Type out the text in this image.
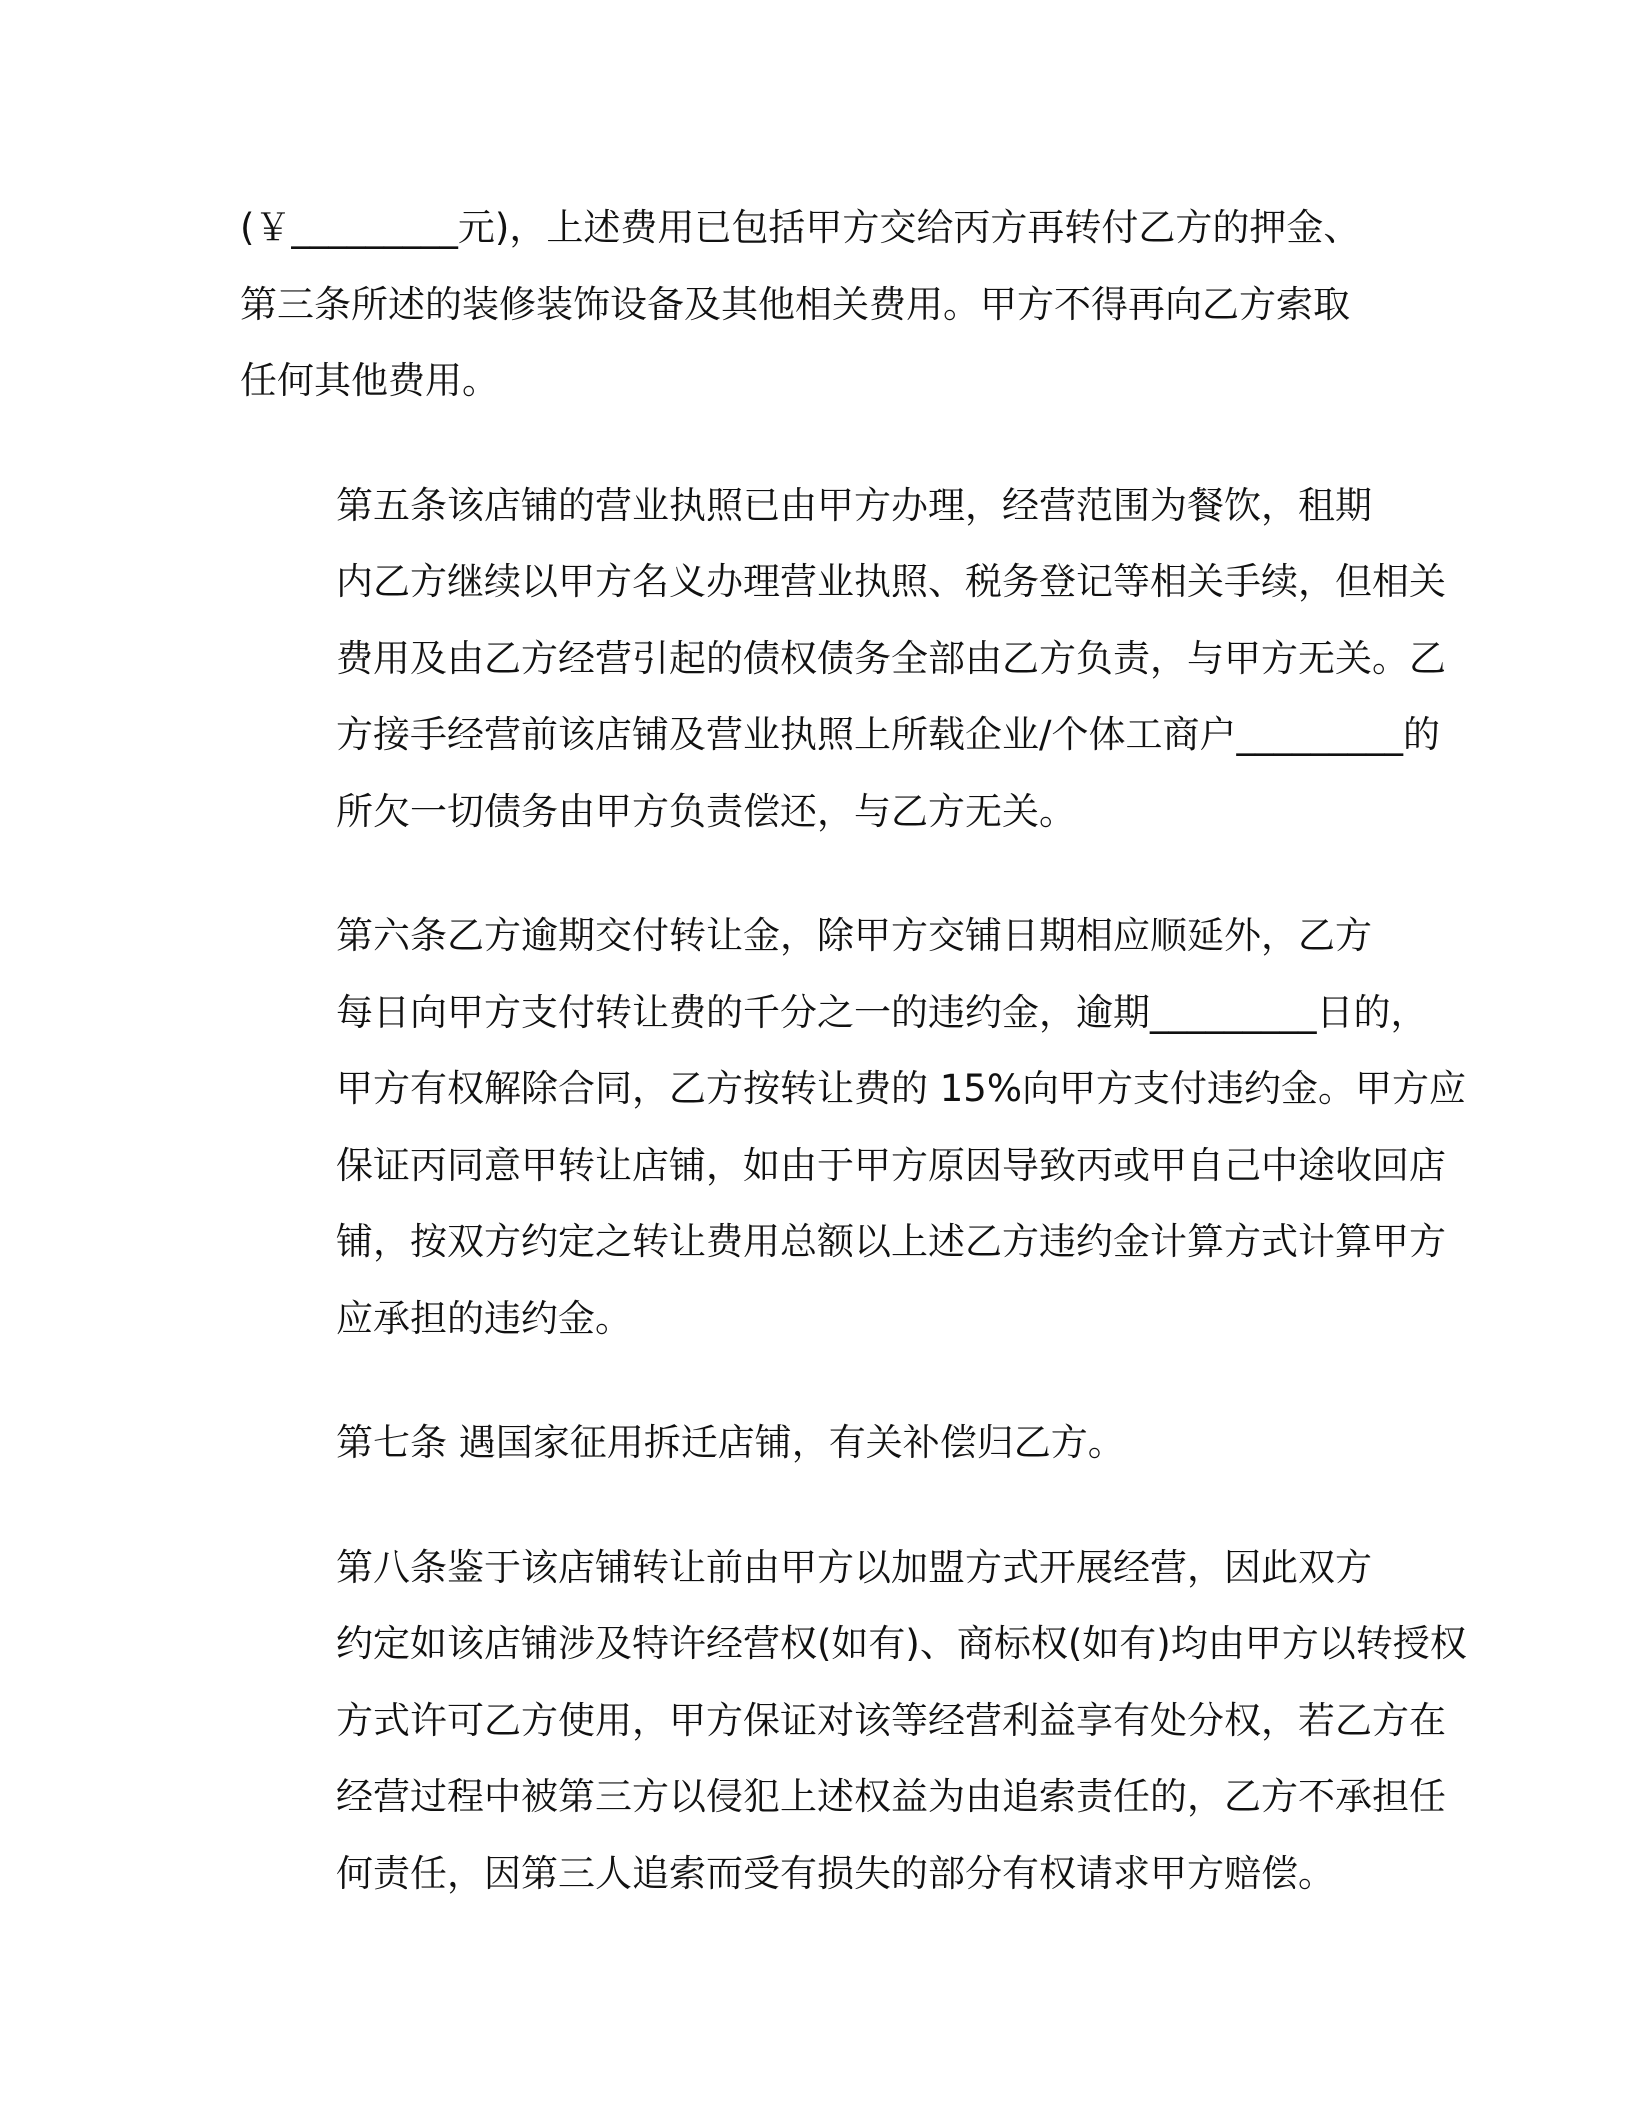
(￥_________元)，上述费用已包括甲方交给丙方再转付乙方的押金、
第三条所述的装修装饰设备及其他相关费用。甲方不得再向乙方索取
任何其他费用。
第五条该店铺的营业执照已由甲方办理，经营范围为餐饮，租期
内乙方继续以甲方名义办理营业执照、税务登记等相关手续，但相关
费用及由乙方经营引起的债权债务全部由乙方负责，与甲方无关。乙
方接手经营前该店铺及营业执照上所载企业/个体工商户_________的
所欠一切债务由甲方负责偿还，与乙方无关。
第六条乙方逾期交付转让金，除甲方交铺日期相应顺延外，乙方
每日向甲方支付转让费的千分之一的违约金，逾期_________日的，
甲方有权解除合同，乙方按转让费的 15%向甲方支付违约金。甲方应
保证丙同意甲转让店铺，如由于甲方原因导致丙或甲自己中途收回店
铺，按双方约定之转让费用总额以上述乙方违约金计算方式计算甲方
应承担的违约金。
第七条 遇国家征用拆迁店铺，有关补偿归乙方。
第八条鉴于该店铺转让前由甲方以加盟方式开展经营，因此双方
约定如该店铺涉及特许经营权(如有)、商标权(如有)均由甲方以转授权
方式许可乙方使用，甲方保证对该等经营利益享有处分权，若乙方在
经营过程中被第三方以侵犯上述权益为由追索责任的，乙方不承担任
何责任，因第三人追索而受有损失的部分有权请求甲方赔偿。
